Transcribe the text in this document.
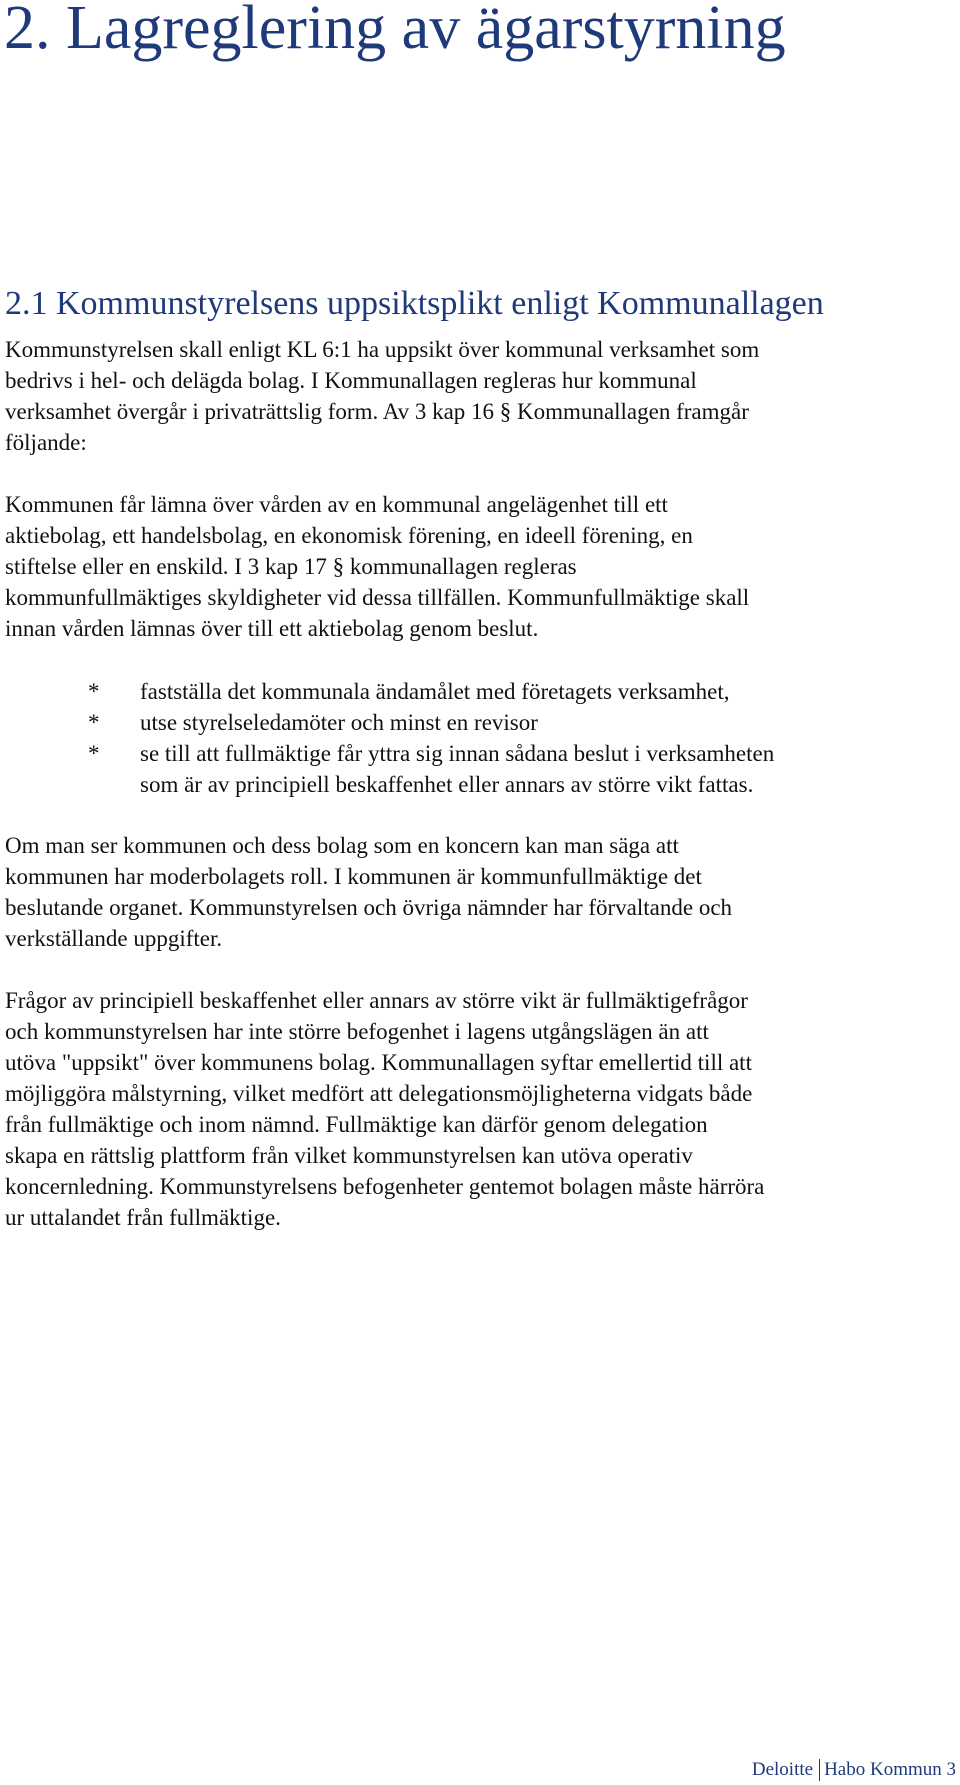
2. Lagreglering av ägarstyrning
2.1 Kommunstyrelsens uppsiktsplikt enligt Kommunallagen

Kommunstyrelsen skall enligt KL 6:1 ha uppsikt över kommunal verksamhet som
bedrivs i hel- och delägda bolag. I Kommunallagen regleras hur kommunal
verksamhet övergår i privaträttslig form. Av 3 kap 16 § Kommunallagen framgår
följande:

Kommunen får lämna över vården av en kommunal angelägenhet till ett
aktiebolag, ett handelsbolag, en ekonomisk förening, en ideell förening, en
stiftelse eller en enskild. I 3 kap 17 § kommunallagen regleras
kommunfullmäktiges skyldigheter vid dessa tillfällen. Kommunfullmäktige skall
innan vården lämnas över till ett aktiebolag genom beslut.

* fastställa det kommunala ändamålet med företagets verksamhet,
* utse styrelseledamöter och minst en revisor
* se till att fullmäktige får yttra sig innan sådana beslut i verksamheten
som är av principiell beskaffenhet eller annars av större vikt fattas.

Om man ser kommunen och dess bolag som en koncern kan man säga att
kommunen har moderbolagets roll. I kommunen är kommunfullmäktige det
beslutande organet. Kommunstyrelsen och övriga nämnder har förvaltande och
verkställande uppgifter.

Frågor av principiell beskaffenhet eller annars av större vikt är fullmäktigefrågor
och kommunstyrelsen har inte större befogenhet i lagens utgångslägen än att
utöva "uppsikt" över kommunens bolag. Kommunallagen syftar emellertid till att
möjliggöra målstyrning, vilket medfört att delegationsmöjligheterna vidgats både
från fullmäktige och inom nämnd. Fullmäktige kan därför genom delegation
skapa en rättslig plattform från vilket kommunstyrelsen kan utöva operativ
koncernledning. Kommunstyrelsens befogenheter gentemot bolagen måste härröra
ur uttalandet från fullmäktige.

Deloitte Habo Kommun
3
